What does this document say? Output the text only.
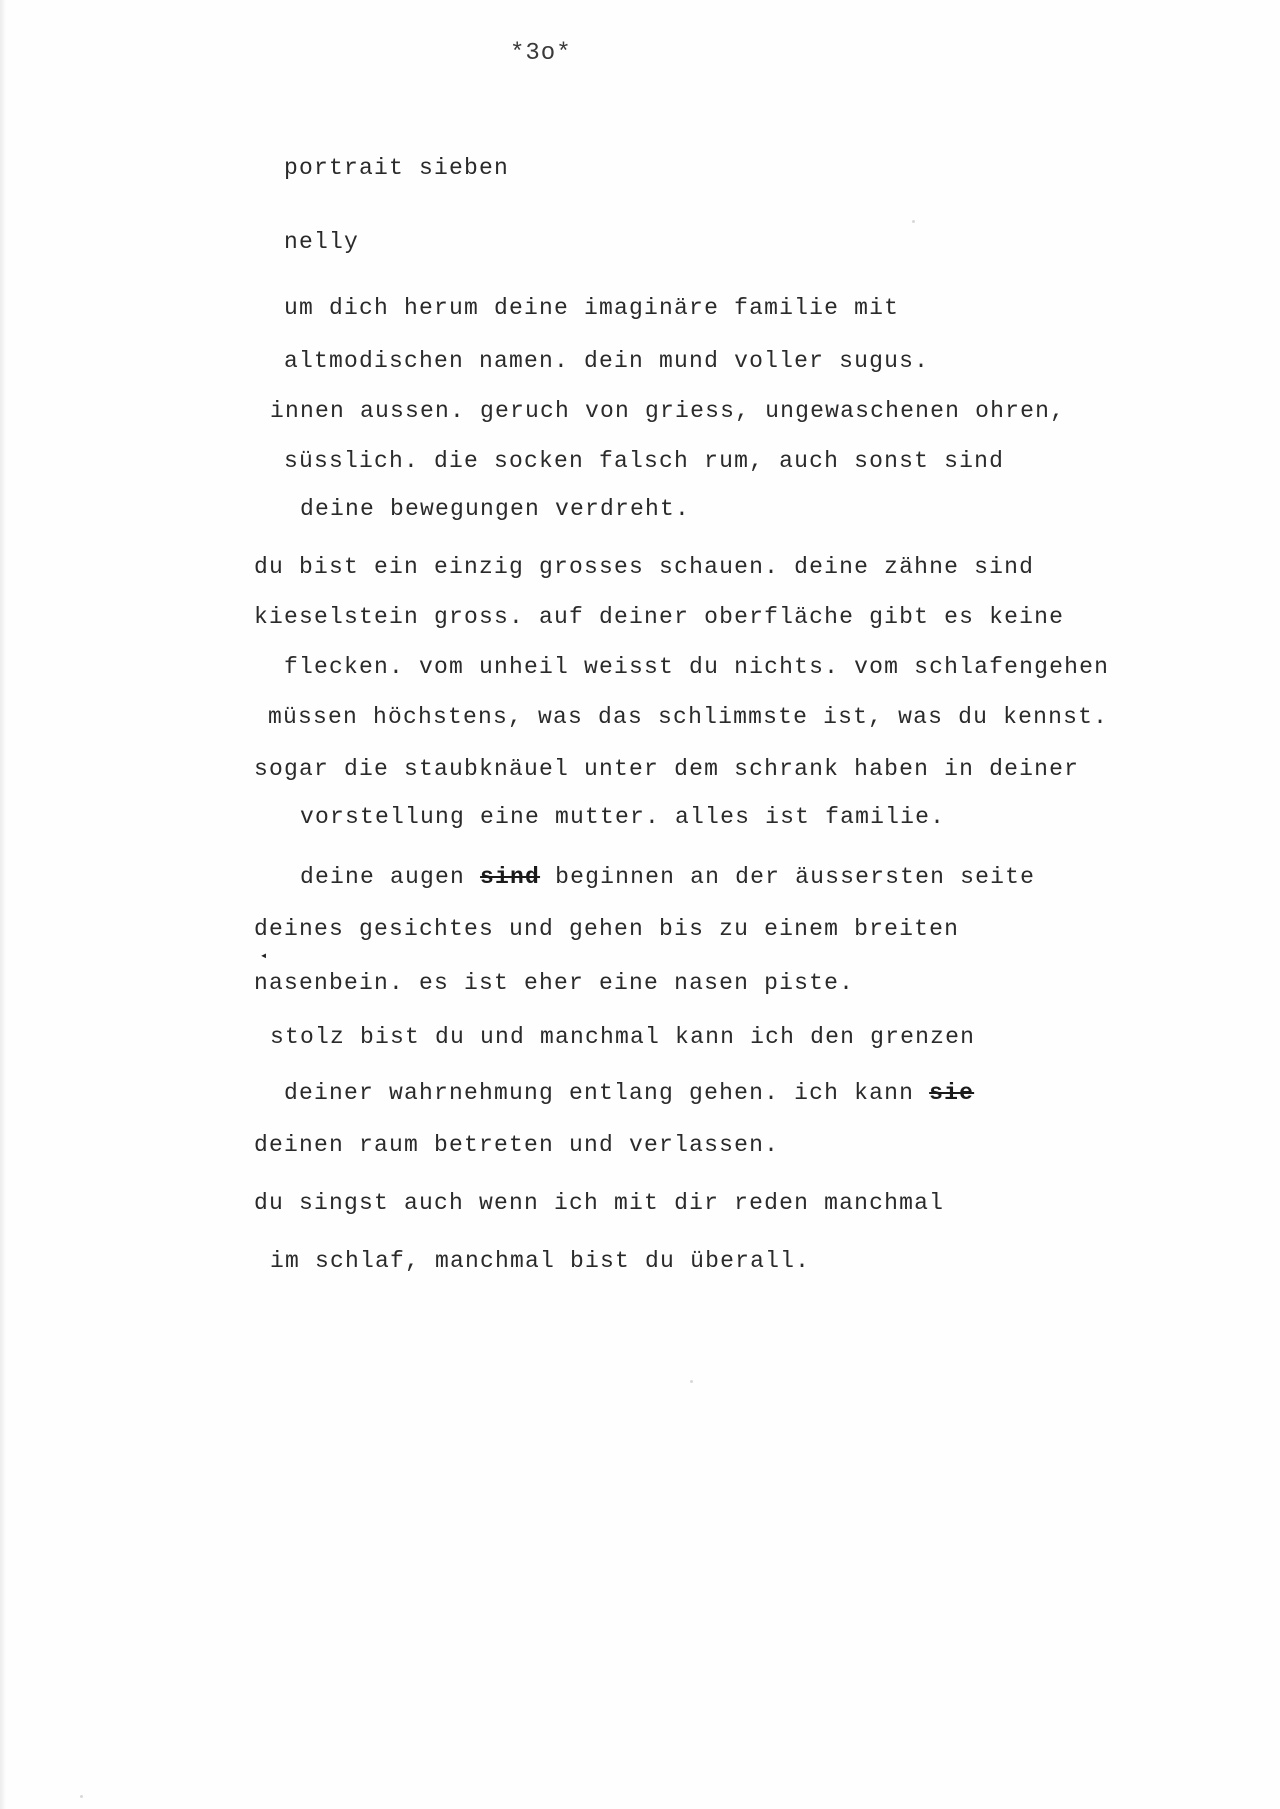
*3o*
portrait sieben
nelly
um dich herum deine imaginäre familie mit
altmodischen namen. dein mund voller sugus.
innen aussen. geruch von griess, ungewaschenen ohren,
süsslich. die socken falsch rum, auch sonst sind
deine bewegungen verdreht.
du bist ein einzig grosses schauen. deine zähne sind
kieselstein gross. auf deiner oberfläche gibt es keine
flecken. vom unheil weisst du nichts. vom schlafengehen
müssen höchstens, was das schlimmste ist, was du kennst.
sogar die staubknäuel unter dem schrank haben in deiner
vorstellung eine mutter. alles ist familie.
deine augen sind beginnen an der äussersten seite
deines gesichtes und gehen bis zu einem breiten
◂
nasenbein. es ist eher eine nasen piste.
stolz bist du und manchmal kann ich den grenzen
deiner wahrnehmung entlang gehen. ich kann sie
deinen raum betreten und verlassen.
du singst auch wenn ich mit dir reden manchmal
im schlaf, manchmal bist du überall.
